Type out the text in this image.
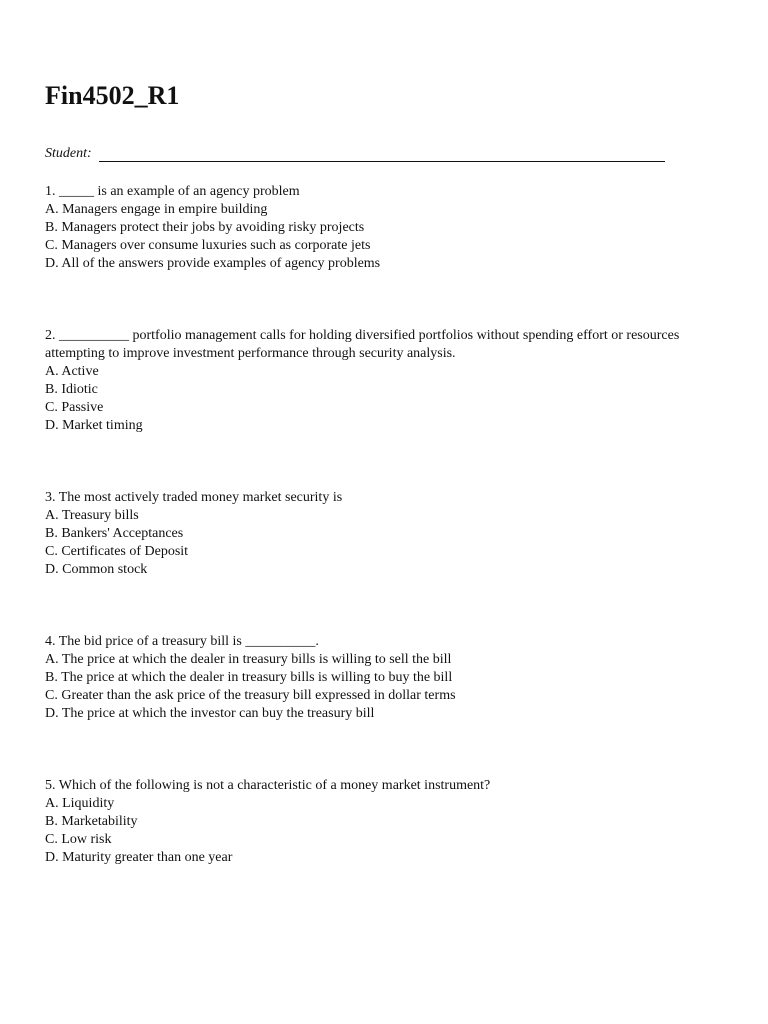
Fin4502_R1
Student:
1. _____ is an example of an agency problem
A. Managers engage in empire building
B. Managers protect their jobs by avoiding risky projects
C. Managers over consume luxuries such as corporate jets
D. All of the answers provide examples of agency problems
2. __________ portfolio management calls for holding diversified portfolios without spending effort or resources attempting to improve investment performance through security analysis.
A. Active
B. Idiotic
C. Passive
D. Market timing
3. The most actively traded money market security is
A. Treasury bills
B. Bankers' Acceptances
C. Certificates of Deposit
D. Common stock
4. The bid price of a treasury bill is __________.
A. The price at which the dealer in treasury bills is willing to sell the bill
B. The price at which the dealer in treasury bills is willing to buy the bill
C. Greater than the ask price of the treasury bill expressed in dollar terms
D. The price at which the investor can buy the treasury bill
5. Which of the following is not a characteristic of a money market instrument?
A. Liquidity
B. Marketability
C. Low risk
D. Maturity greater than one year
